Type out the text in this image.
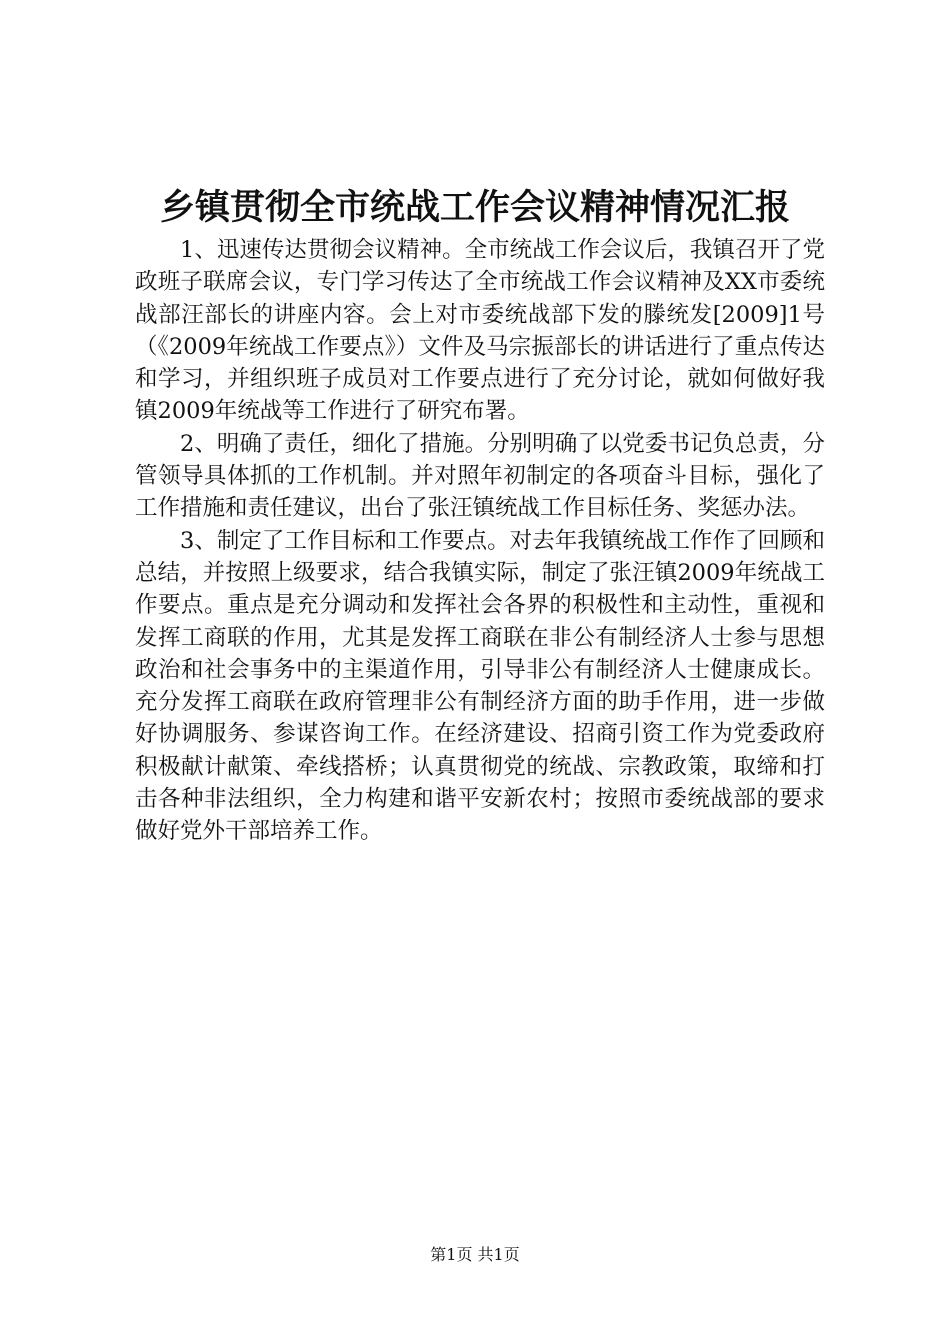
乡镇贯彻全市统战工作会议精神情况汇报

1、迅速传达贯彻会议精神。全市统战工作会议后，我镇召开了党政班子联席会议，专门学习传达了全市统战工作会议精神及XX市委统战部汪部长的讲座内容。会上对市委统战部下发的滕统发[2009]1号（《2009年统战工作要点》）文件及马宗振部长的讲话进行了重点传达和学习，并组织班子成员对工作要点进行了充分讨论，就如何做好我镇2009年统战等工作进行了研究布署。

2、明确了责任，细化了措施。分别明确了以党委书记负总责，分管领导具体抓的工作机制。并对照年初制定的各项奋斗目标，强化了工作措施和责任建议，出台了张汪镇统战工作目标任务、奖惩办法。

3、制定了工作目标和工作要点。对去年我镇统战工作作了回顾和总结，并按照上级要求，结合我镇实际，制定了张汪镇2009年统战工作要点。重点是充分调动和发挥社会各界的积极性和主动性，重视和发挥工商联的作用，尤其是发挥工商联在非公有制经济人士参与思想政治和社会事务中的主渠道作用，引导非公有制经济人士健康成长。充分发挥工商联在政府管理非公有制经济方面的助手作用，进一步做好协调服务、参谋咨询工作。在经济建设、招商引资工作为党委政府积极献计献策、牵线搭桥；认真贯彻党的统战、宗教政策，取缔和打击各种非法组织，全力构建和谐平安新农村；按照市委统战部的要求做好党外干部培养工作。

第1页 共1页
